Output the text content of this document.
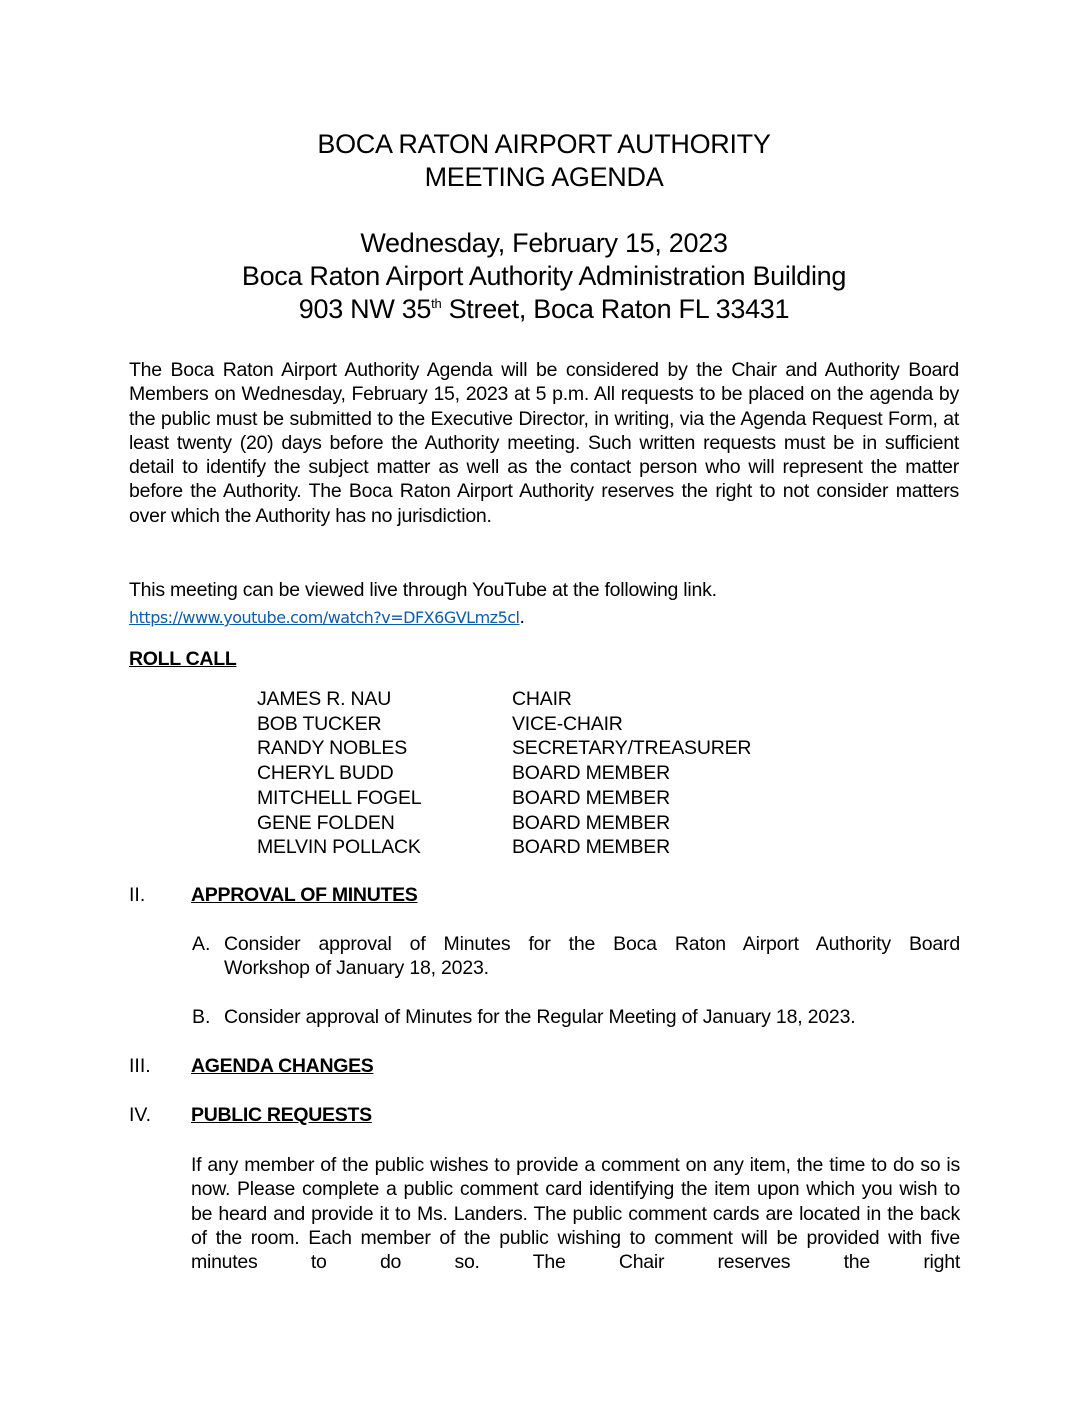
BOCA RATON AIRPORT AUTHORITY
MEETING AGENDA
Wednesday, February 15, 2023
Boca Raton Airport Authority Administration Building
903 NW 35th Street, Boca Raton FL 33431
The Boca Raton Airport Authority Agenda will be considered by the Chair and Authority Board Members on Wednesday, February 15, 2023 at 5 p.m. All requests to be placed on the agenda by the public must be submitted to the Executive Director, in writing, via the Agenda Request Form, at least twenty (20) days before the Authority meeting. Such written requests must be in sufficient detail to identify the subject matter as well as the contact person who will represent the matter before the Authority. The Boca Raton Airport Authority reserves the right to not consider matters over which the Authority has no jurisdiction.
This meeting can be viewed live through YouTube at the following link.
https://www.youtube.com/watch?v=DFX6GVLmz5cl.
ROLL CALL
JAMES R. NAU	CHAIR
BOB TUCKER	VICE-CHAIR
RANDY NOBLES	SECRETARY/TREASURER
CHERYL BUDD	BOARD MEMBER
MITCHELL FOGEL	BOARD MEMBER
GENE FOLDEN	BOARD MEMBER
MELVIN POLLACK	BOARD MEMBER
II. APPROVAL OF MINUTES
A. Consider approval of Minutes for the Boca Raton Airport Authority Board
Workshop of January 18, 2023.
B. Consider approval of Minutes for the Regular Meeting of January 18, 2023.
III. AGENDA CHANGES
IV. PUBLIC REQUESTS
If any member of the public wishes to provide a comment on any item, the time to do so is now. Please complete a public comment card identifying the item upon which you wish to be heard and provide it to Ms. Landers. The public comment cards are located in the back of the room. Each member of the public wishing to comment will be provided with five minutes to do so. The Chair reserves the right
